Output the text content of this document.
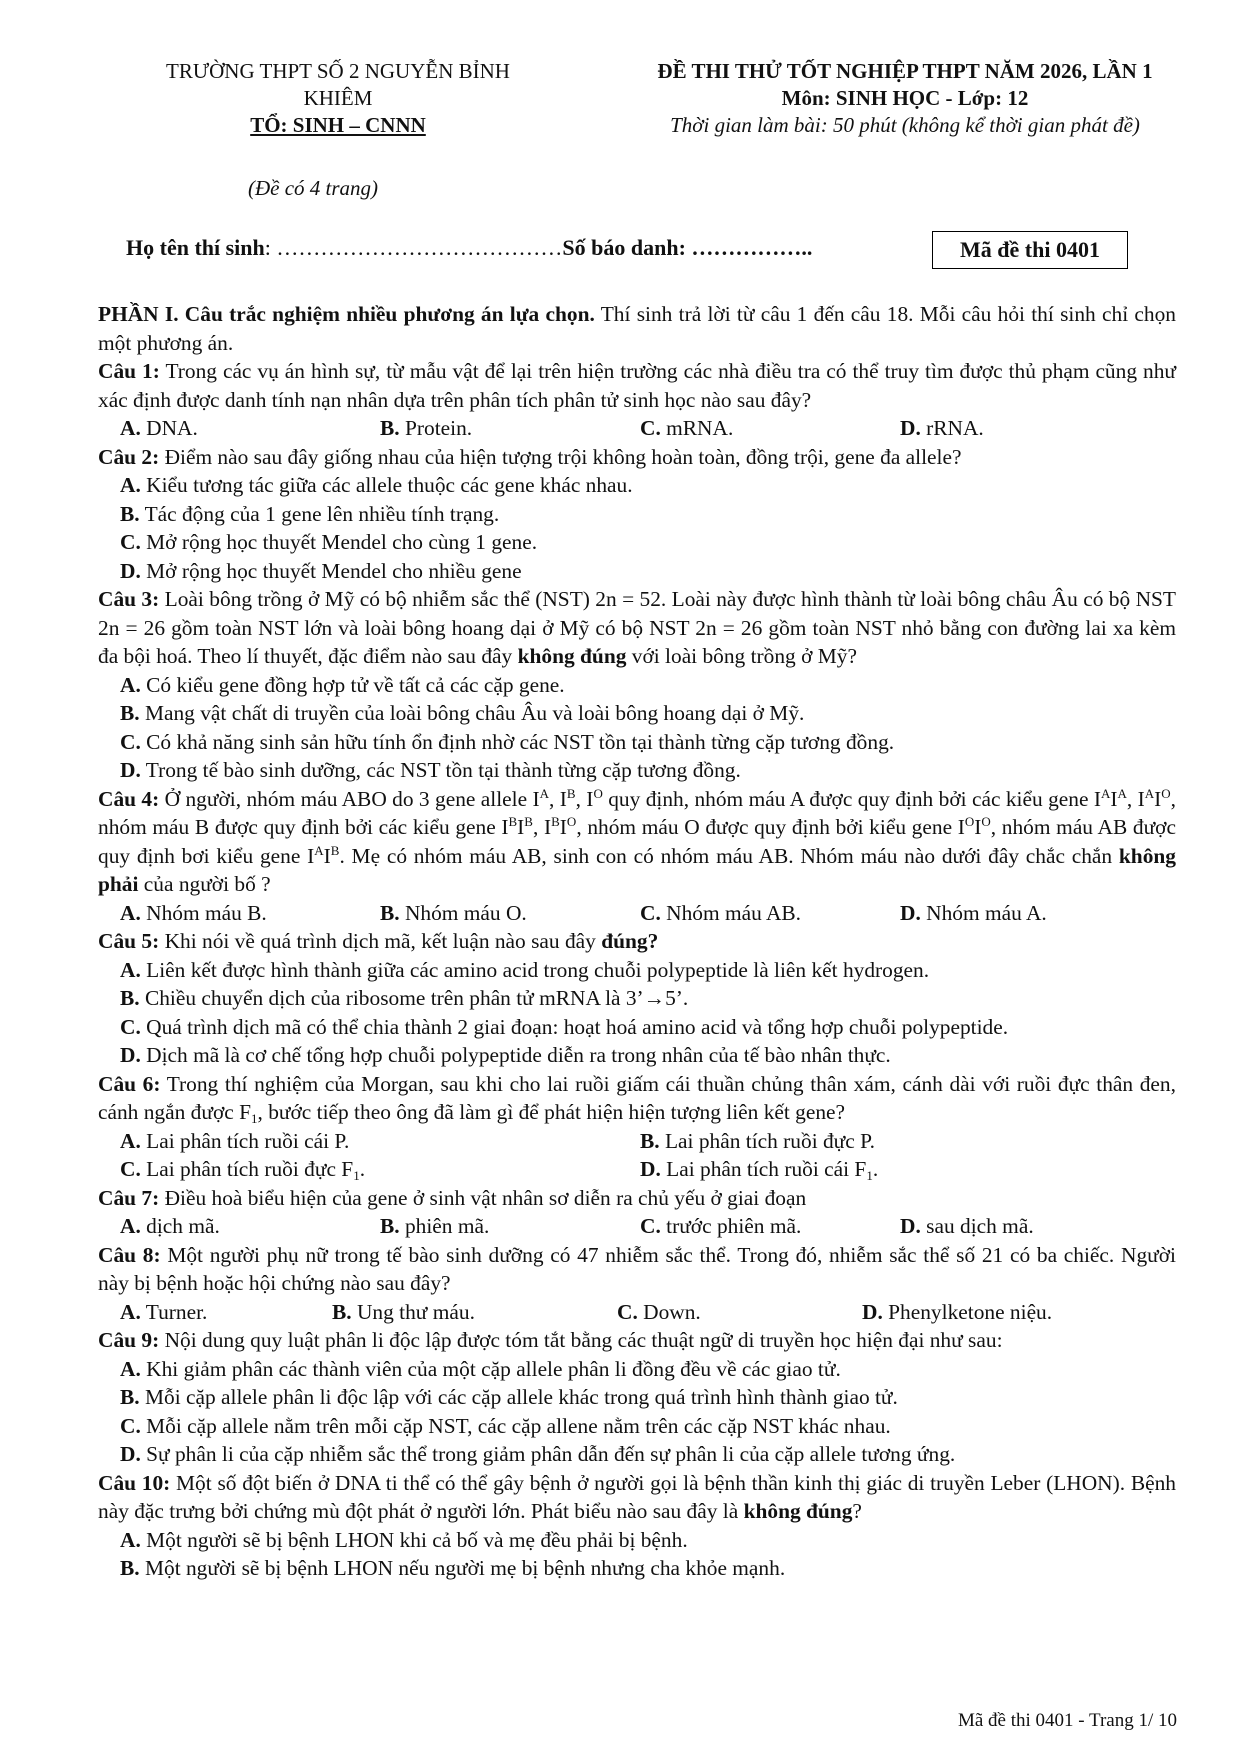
TRƯỜNG THPT SỐ 2 NGUYỄN BỈNH
KHIÊM
TỔ: SINH – CNNN
ĐỀ THI THỬ TỐT NGHIỆP THPT NĂM 2026, LẦN 1
Môn: SINH HỌC - Lớp: 12
Thời gian làm bài: 50 phút (không kể thời gian phát đề)
(Đề có 4 trang)
Họ tên thí sinh: …………………………………Số báo danh: ……………..	Mã đề thi 0401

PHẦN I. Câu trắc nghiệm nhiều phương án lựa chọn. Thí sinh trả lời từ câu 1 đến câu 18. Mỗi câu hỏi thí sinh chỉ chọn một phương án.

Câu 1: Trong các vụ án hình sự, từ mẫu vật để lại trên hiện trường các nhà điều tra có thể truy tìm được thủ phạm cũng như xác định được danh tính nạn nhân dựa trên phân tích phân tử sinh học nào sau đây?

A. DNA.	B. Protein.	C. mRNA.	D. rRNA.

Câu 2: Điểm nào sau đây giống nhau của hiện tượng trội không hoàn toàn, đồng trội, gene đa allele?

A. Kiểu tương tác giữa các allele thuộc các gene khác nhau.

B. Tác động của 1 gene lên nhiều tính trạng.

C. Mở rộng học thuyết Mendel cho cùng 1 gene.

D. Mở rộng học thuyết Mendel cho nhiều gene

Câu 3: Loài bông trồng ở Mỹ có bộ nhiễm sắc thể (NST) 2n = 52. Loài này được hình thành từ loài bông châu Âu có bộ NST 2n = 26 gồm toàn NST lớn và loài bông hoang dại ở Mỹ có bộ NST 2n = 26 gồm toàn NST nhỏ bằng con đường lai xa kèm đa bội hoá. Theo lí thuyết, đặc điểm nào sau đây không đúng với loài bông trồng ở Mỹ?

A. Có kiểu gene đồng hợp tử về tất cả các cặp gene.

B. Mang vật chất di truyền của loài bông châu Âu và loài bông hoang dại ở Mỹ.

C. Có khả năng sinh sản hữu tính ổn định nhờ các NST tồn tại thành từng cặp tương đồng.

D. Trong tế bào sinh dưỡng, các NST tồn tại thành từng cặp tương đồng.

Câu 4: Ở người, nhóm máu ABO do 3 gene allele $I^A$, $I^B$, $I^O$ quy định, nhóm máu A được quy định bởi các kiểu gene $I^AI^A$, $I^AI^O$, nhóm máu B được quy định bởi các kiểu gene $I^BI^B$, $I^BI^O$, nhóm máu O được quy định bởi kiểu gene $I^OI^O$, nhóm máu AB được quy định bơi kiểu gene $I^AI^B$. Mẹ có nhóm máu AB, sinh con có nhóm máu AB. Nhóm máu nào dưới đây chắc chắn không phải của người bố ?

A. Nhóm máu B.	B. Nhóm máu O.	C. Nhóm máu AB.	D. Nhóm máu A.

Câu 5: Khi nói về quá trình dịch mã, kết luận nào sau đây đúng?

A. Liên kết được hình thành giữa các amino acid trong chuỗi polypeptide là liên kết hydrogen.

B. Chiều chuyển dịch của ribosome trên phân tử mRNA là 3’→5’.

C. Quá trình dịch mã có thể chia thành 2 giai đoạn: hoạt hoá amino acid và tổng hợp chuỗi polypeptide.

D. Dịch mã là cơ chế tổng hợp chuỗi polypeptide diễn ra trong nhân của tế bào nhân thực.

Câu 6: Trong thí nghiệm của Morgan, sau khi cho lai ruồi giấm cái thuần chủng thân xám, cánh dài với ruồi đực thân đen, cánh ngắn được $F_1$, bước tiếp theo ông đã làm gì để phát hiện hiện tượng liên kết gene?

A. Lai phân tích ruồi cái P.	B. Lai phân tích ruồi đực P.
C. Lai phân tích ruồi đực $F_1$.	D. Lai phân tích ruồi cái $F_1$.

Câu 7: Điều hoà biểu hiện của gene ở sinh vật nhân sơ diễn ra chủ yếu ở giai đoạn

A. dịch mã.	B. phiên mã.	C. trước phiên mã.	D. sau dịch mã.

Câu 8: Một người phụ nữ trong tế bào sinh dưỡng có 47 nhiễm sắc thể. Trong đó, nhiễm sắc thể số 21 có ba chiếc. Người này bị bệnh hoặc hội chứng nào sau đây?

A. Turner.	B. Ung thư máu.	C. Down.	D. Phenylketone niệu.

Câu 9: Nội dung quy luật phân li độc lập được tóm tắt bằng các thuật ngữ di truyền học hiện đại như sau:

A. Khi giảm phân các thành viên của một cặp allele phân li đồng đều về các giao tử.

B. Mỗi cặp allele phân li độc lập với các cặp allele khác trong quá trình hình thành giao tử.

C. Mỗi cặp allele nằm trên mỗi cặp NST, các cặp allene nằm trên các cặp NST khác nhau.

D. Sự phân li của cặp nhiễm sắc thể trong giảm phân dẫn đến sự phân li của cặp allele tương ứng.

Câu 10: Một số đột biến ở DNA ti thể có thể gây bệnh ở người gọi là bệnh thần kinh thị giác di truyền Leber (LHON). Bệnh này đặc trưng bởi chứng mù đột phát ở người lớn. Phát biểu nào sau đây là không đúng?

A. Một người sẽ bị bệnh LHON khi cả bố và mẹ đều phải bị bệnh.

B. Một người sẽ bị bệnh LHON nếu người mẹ bị bệnh nhưng cha khỏe mạnh.

Mã đề thi 0401 - Trang 1/ 10
